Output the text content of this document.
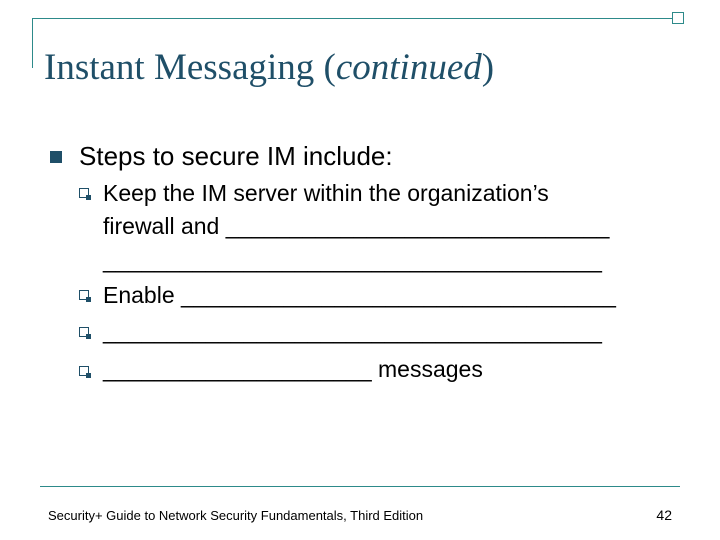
Instant Messaging (continued)
Steps to secure IM include:
Keep the IM server within the organization’s
firewall and ______________________________
_______________________________________
Enable __________________________________
_______________________________________
_____________________ messages
Security+ Guide to Network Security Fundamentals, Third Edition	42
